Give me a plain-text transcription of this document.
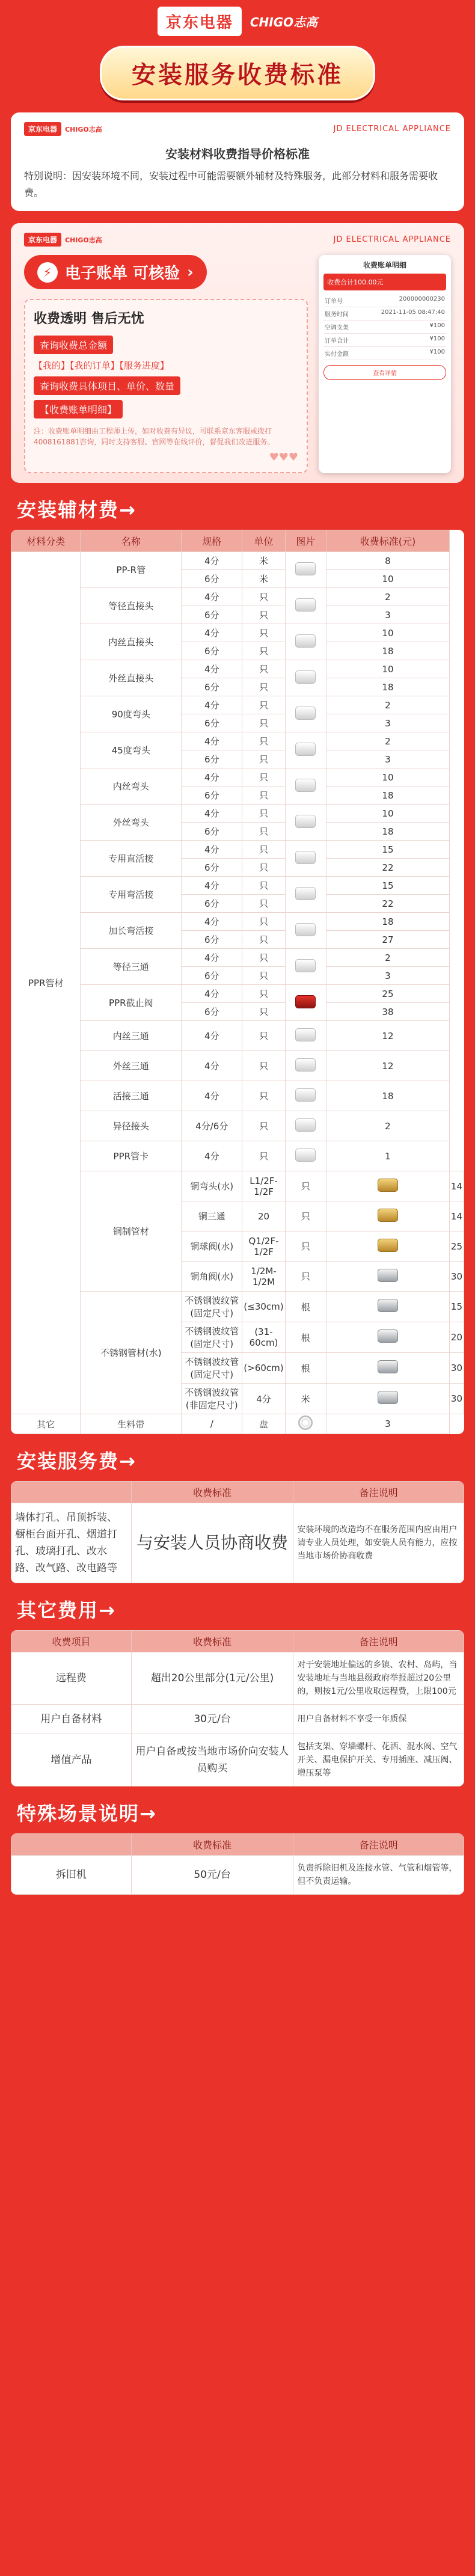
京东电器	CHIGO志高
安装服务收费标准
京东电器	CHIGO志高	JD ELECTRICAL APPLIANCE
安装材料收费指导价格标准
特别说明：因安装环境不同，安装过程中可能需要额外辅材及特殊服务，此部分材料和服务需要收费。
京东电器	CHIGO志高	JD ELECTRICAL APPLIANCE
⚡ 电子账单 可核验 ›
收费透明 售后无忧
查询收费总金额
【我的】【我的订单】【服务进度】
查询收费具体项目、单价、数量
【收费账单明细】
注：收费账单明细由工程师上传，如对收费有异议，可联系京东客服或拨打4008161881咨询，同时支持客服、官网等在线评价，督促我们改进服务。
♥♥♥
收费账单明细
收费合计100.00元
订单号	200000000230
服务时间	2021-11-05 08:47:40
空调支架	¥100
订单合计	¥100
实付金额	¥100
查看详情
安装辅材费→
材料分类	名称	规格	单位	图片	收费标准(元)	
PPR管材	PP-R管	4分	米		8	
		6分	米		10	
	等径直接头	4分	只		2	
		6分	只		3	
	内丝直接头	4分	只		10	
		6分	只		18	
	外丝直接头	4分	只		10	
		6分	只		18	
	90度弯头	4分	只		2	
		6分	只		3	
	45度弯头	4分	只		2	
		6分	只		3	
	内丝弯头	4分	只		10	
		6分	只		18	
	外丝弯头	4分	只		10	
		6分	只		18	
	专用直活接	4分	只		15	
		6分	只		22	
	专用弯活接	4分	只		15	
		6分	只		22	
	加长弯活接	4分	只		18	
		6分	只		27	
	等径三通	4分	只		2	
		6分	只		3	
	PPR截止阀	4分	只		25	
		6分	只		38	
	内丝三通	4分	只		12	
	外丝三通	4分	只		12	
	活接三通	4分	只		18	
	异径接头	4分/6分	只		2	
	PPR管卡	4分	只		1	
	铜制管材	铜弯头(水)	L1/2F-1/2F	只		14
		铜三通	20	只		14
		铜球阀(水)	Q1/2F-1/2F	只		25
		铜角阀(水)	1/2M-1/2M	只		30
	不锈钢管材(水)	不锈钢波纹管(固定尺寸)	(≤30cm)	根		15
		不锈钢波纹管(固定尺寸)	(31-60cm)	根		20
		不锈钢波纹管(固定尺寸)	(>60cm)	根		30
		不锈钢波纹管(非固定尺寸)	4分	米		30
其它	生料带	/	盘		3	
安装服务费→
	收费标准	备注说明
墙体打孔、吊顶拆装、橱柜台面开孔、烟道打孔、玻璃打孔、改水路、改气路、改电路等	与安装人员协商收费	安装环境的改造均不在服务范围内应由用户请专业人员处理，如安装人员有能力，应按当地市场价协商收费
其它费用→
收费项目	收费标准	备注说明
远程费	超出20公里部分(1元/公里)	对于安装地址偏远的乡镇、农村、岛屿，当安装地址与当地县级政府举报超过20公里的，则按1元/公里收取远程费，上限100元
用户自备材料	30元/台	用户自备材料不享受一年质保
增值产品	用户自备或按当地市场价向安装人员购买	包括支架、穿墙螺杆、花洒、混水阀、空气开关、漏电保护开关、专用插座、减压阀、增压泵等
特殊场景说明→
	收费标准	备注说明
拆旧机	50元/台	负责拆除旧机及连接水管、气管和烟管等，但不负责运输。
